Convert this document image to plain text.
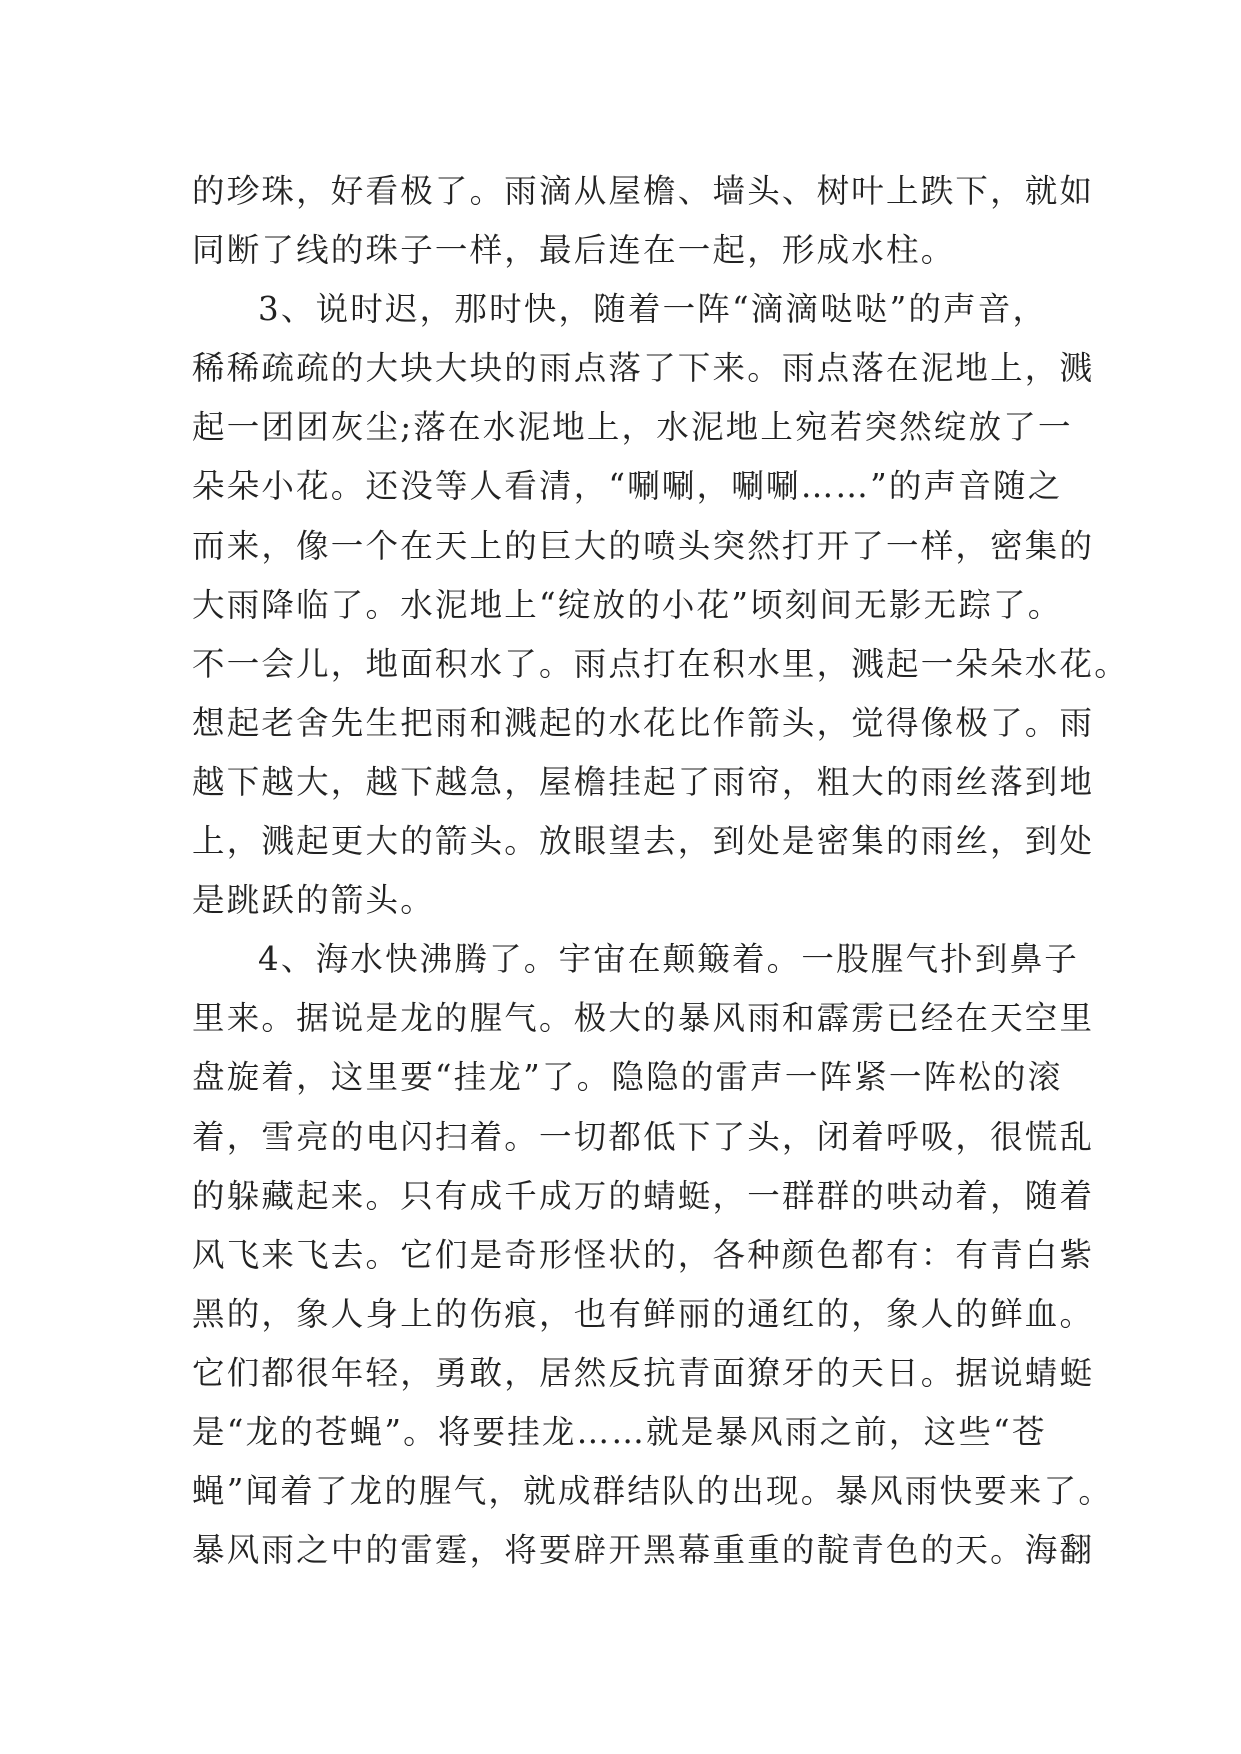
的珍珠，好看极了。雨滴从屋檐、墙头、树叶上跌下，就如
同断了线的珠子一样，最后连在一起，形成水柱。
3、说时迟，那时快，随着一阵“滴滴哒哒”的声音，
稀稀疏疏的大块大块的雨点落了下来。雨点落在泥地上，溅
起一团团灰尘;落在水泥地上，水泥地上宛若突然绽放了一
朵朵小花。还没等人看清，“唰唰，唰唰……”的声音随之
而来，像一个在天上的巨大的喷头突然打开了一样，密集的
大雨降临了。水泥地上“绽放的小花”顷刻间无影无踪了。
不一会儿，地面积水了。雨点打在积水里，溅起一朵朵水花。
想起老舍先生把雨和溅起的水花比作箭头，觉得像极了。雨
越下越大，越下越急，屋檐挂起了雨帘，粗大的雨丝落到地
上，溅起更大的箭头。放眼望去，到处是密集的雨丝，到处
是跳跃的箭头。
4、海水快沸腾了。宇宙在颠簸着。一股腥气扑到鼻子
里来。据说是龙的腥气。极大的暴风雨和霹雳已经在天空里
盘旋着，这里要“挂龙”了。隐隐的雷声一阵紧一阵松的滚
着，雪亮的电闪扫着。一切都低下了头，闭着呼吸，很慌乱
的躲藏起来。只有成千成万的蜻蜓，一群群的哄动着，随着
风飞来飞去。它们是奇形怪状的，各种颜色都有：有青白紫
黑的，象人身上的伤痕，也有鲜丽的通红的，象人的鲜血。
它们都很年轻，勇敢，居然反抗青面獠牙的天日。据说蜻蜓
是“龙的苍蝇”。将要挂龙……就是暴风雨之前，这些“苍
蝇”闻着了龙的腥气，就成群结队的出现。暴风雨快要来了。
暴风雨之中的雷霆，将要辟开黑幕重重的靛青色的天。海翻
